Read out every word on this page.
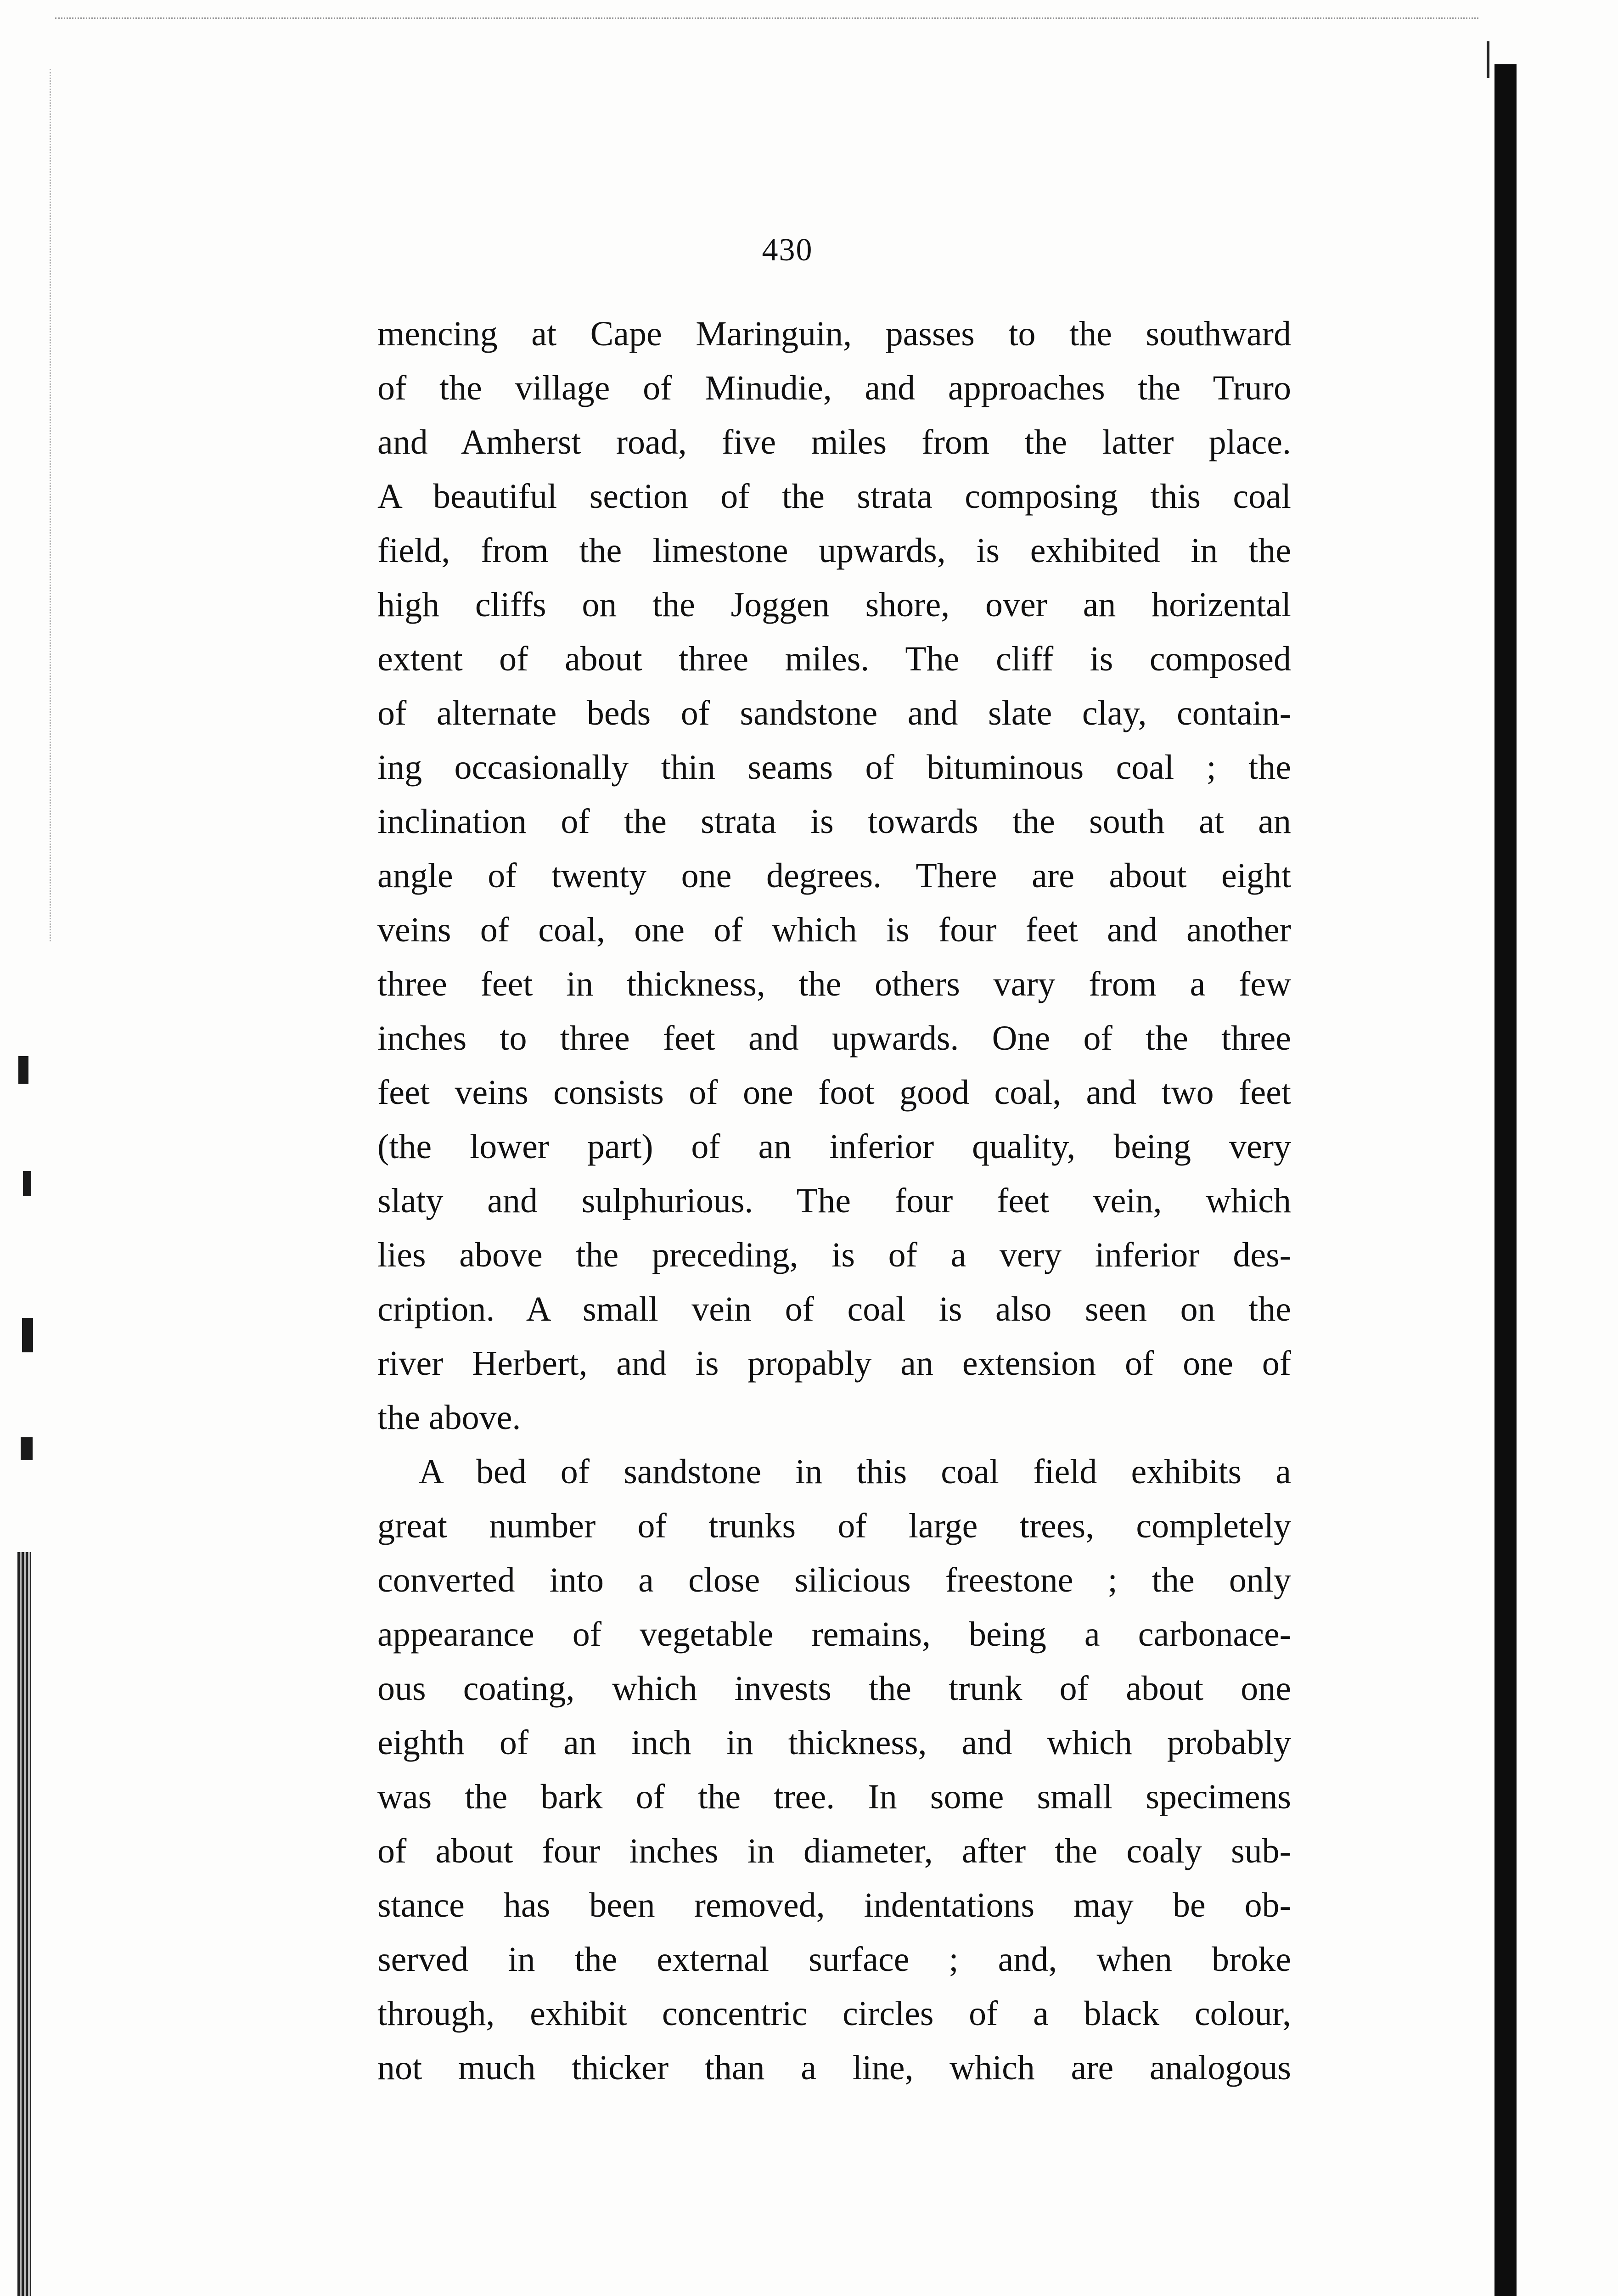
430
mencing at Cape Maringuin, passes to the southward
of the village of Minudie, and approaches the Truro
and Amherst road, five miles from the latter place.
A beautiful section of the strata composing this coal
field, from the limestone upwards, is exhibited in the
high cliffs on the Joggen shore, over an horizental
extent of about three miles. The cliff is composed
of alternate beds of sandstone and slate clay, contain-
ing occasionally thin seams of bituminous coal ; the
inclination of the strata is towards the south at an
angle of twenty one degrees. There are about eight
veins of coal, one of which is four feet and another
three feet in thickness, the others vary from a few
inches to three feet and upwards. One of the three
feet veins consists of one foot good coal, and two feet
(the lower part) of an inferior quality, being very
slaty and sulphurious. The four feet vein, which
lies above the preceding, is of a very inferior des-
cription. A small vein of coal is also seen on the
river Herbert, and is propably an extension of one of
the above.
A bed of sandstone in this coal field exhibits a
great number of trunks of large trees, completely
converted into a close silicious freestone ; the only
appearance of vegetable remains, being a carbonace-
ous coating, which invests the trunk of about one
eighth of an inch in thickness, and which probably
was the bark of the tree. In some small specimens
of about four inches in diameter, after the coaly sub-
stance has been removed, indentations may be ob-
served in the external surface ; and, when broke
through, exhibit concentric circles of a black colour,
not much thicker than a line, which are analogous
